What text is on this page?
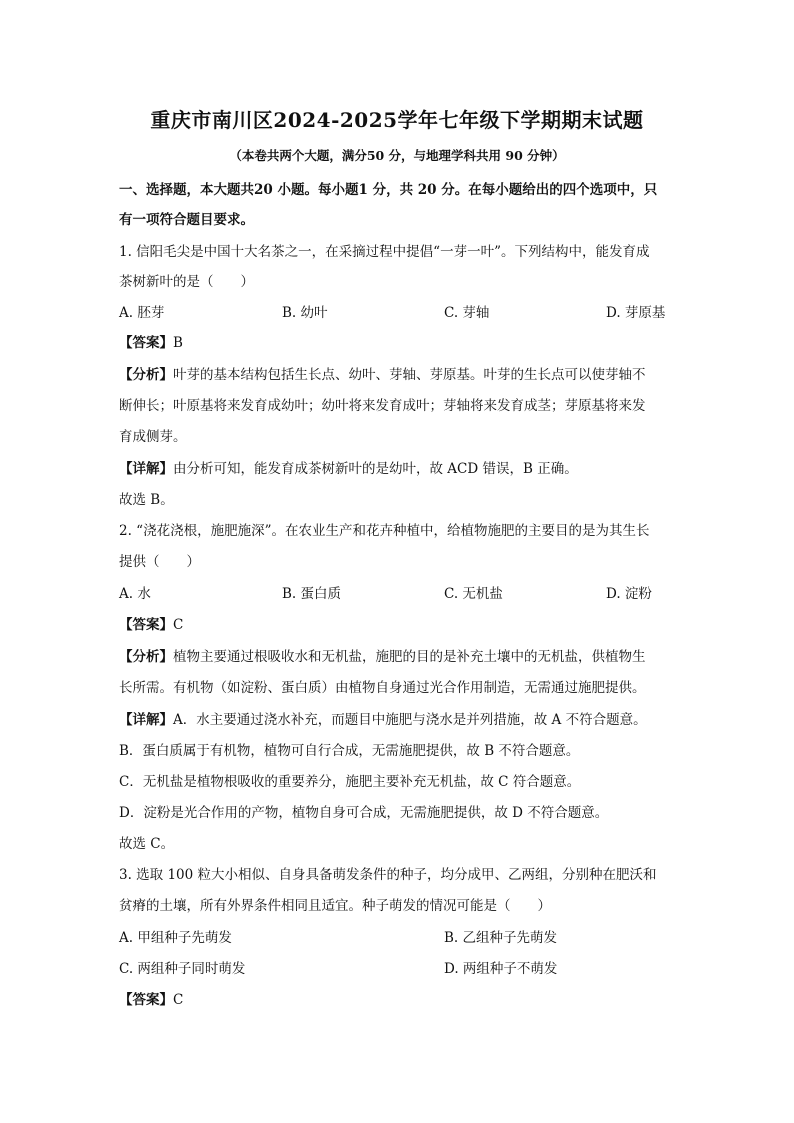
重庆市南川区2024-2025学年七年级下学期期末试题
（本卷共两个大题，满分50 分，与地理学科共用 90 分钟）
一、选择题，本大题共20 小题。每小题1 分，共 20 分。在每小题给出的四个选项中，只
有一项符合题目要求。
1. 信阳毛尖是中国十大名茶之一，在采摘过程中提倡“一芽一叶”。下列结构中，能发育成
茶树新叶的是（　　）
A. 胚芽	B. 幼叶	C. 芽轴	D. 芽原基
【答案】B
【分析】叶芽的基本结构包括生长点、幼叶、芽轴、芽原基。叶芽的生长点可以使芽轴不
断伸长；叶原基将来发育成幼叶；幼叶将来发育成叶；芽轴将来发育成茎；芽原基将来发
育成侧芽。
【详解】由分析可知，能发育成茶树新叶的是幼叶，故 ACD 错误，B 正确。
故选 B。
2. “浇花浇根，施肥施深”。在农业生产和花卉种植中，给植物施肥的主要目的是为其生长
提供（　　）
A. 水	B. 蛋白质	C. 无机盐	D. 淀粉
【答案】C
【分析】植物主要通过根吸收水和无机盐，施肥的目的是补充土壤中的无机盐，供植物生
长所需。有机物（如淀粉、蛋白质）由植物自身通过光合作用制造，无需通过施肥提供。
【详解】A．水主要通过浇水补充，而题目中施肥与浇水是并列措施，故 A 不符合题意。
B．蛋白质属于有机物，植物可自行合成，无需施肥提供，故 B 不符合题意。
C．无机盐是植物根吸收的重要养分，施肥主要补充无机盐，故 C 符合题意。
D．淀粉是光合作用的产物，植物自身可合成，无需施肥提供，故 D 不符合题意。
故选 C。
3. 选取 100 粒大小相似、自身具备萌发条件的种子，均分成甲、乙两组，分别种在肥沃和
贫瘠的土壤，所有外界条件相同且适宜。种子萌发的情况可能是（　　）
A. 甲组种子先萌发	B. 乙组种子先萌发
C. 两组种子同时萌发	D. 两组种子不萌发
【答案】C
